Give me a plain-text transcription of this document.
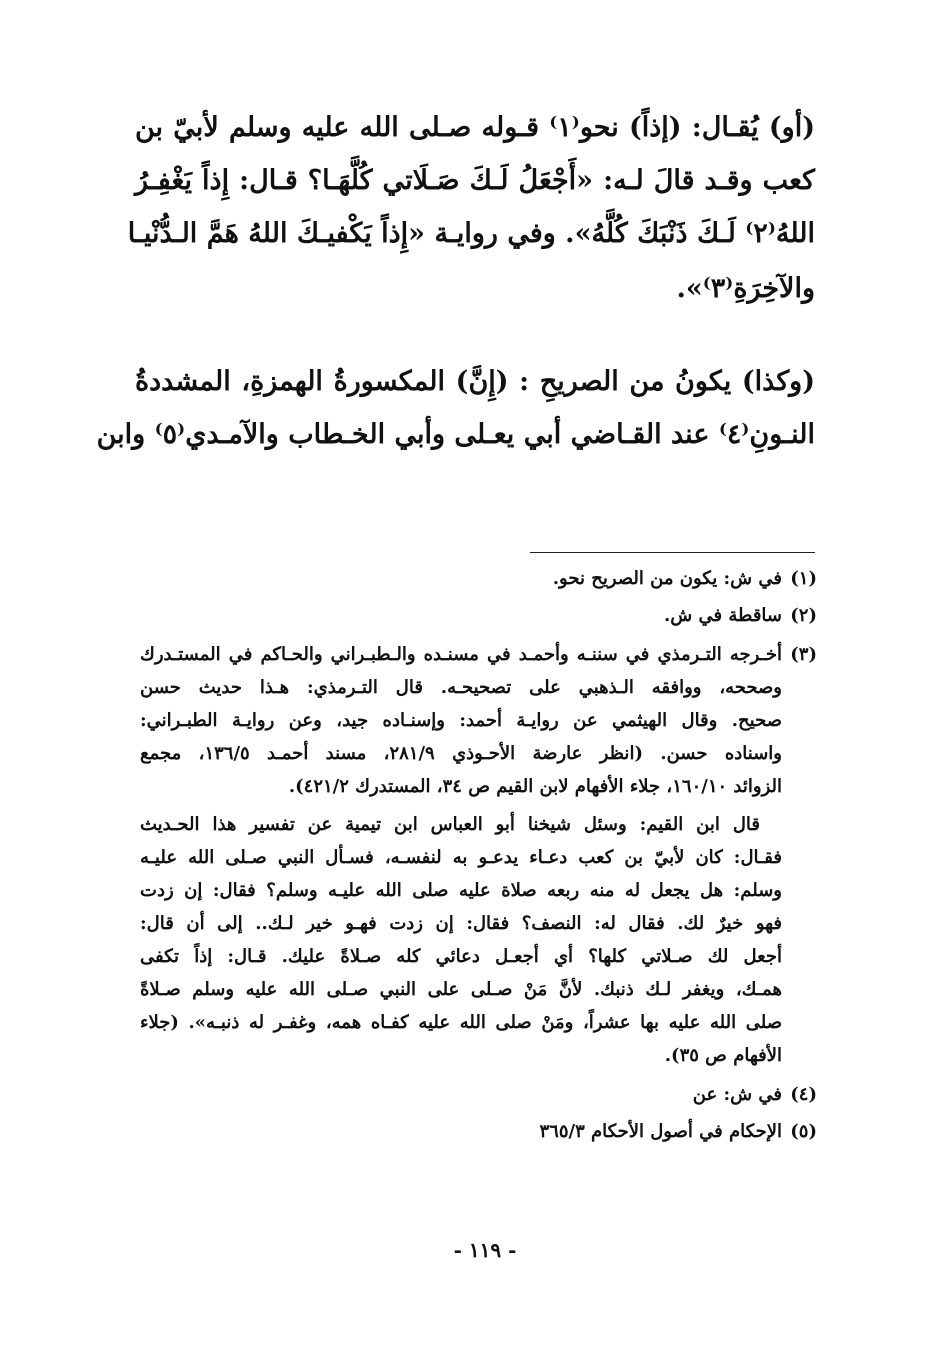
(أو) يُقـال: (إذاً) نحو⁽١⁾ قـوله صـلى الله عليه وسلم لأبيّ بن
كعب وقـد قالَ لـه: «أَجْعَلُ لَـكَ صَـلَاتي كُلَّهَـا؟ قـال: إِذاً يَغْفِـرُ
اللهُ⁽٢⁾ لَـكَ ذَنْبَكَ كُلَّهُ». وفي روايـة «إِذاً يَكْفيـكَ اللهُ هَمَّ الـدُّنْيـا
والآخِرَةِ⁽٣⁾».
(وكذا) يكونُ من الصريحِ : (إِنَّ) المكسورةُ الهمزةِ، المشددةُ
النـونِ⁽٤⁾ عند القـاضي أبي يعـلى وأبي الخـطاب والآمـدي⁽٥⁾ وابن
(١)
في ش: يكون من الصريح نحو.
(٢)
ساقطة في ش.
(٣)
أخـرجه التـرمذي في سننـه وأحمـد في مسنـده والـطبـراني والحـاكم في المستـدرك
وصححه، ووافقه الـذهبي على تصحيحـه. قال التـرمذي: هـذا حديث حسن
صحيح. وقال الهيثمي عن روايـة أحمد: وإسنـاده جيد، وعن روايـة الطبـراني:
واسناده حسن. (انظر عارضة الأحـوذي ٢٨١/٩، مسند أحمـد ١٣٦/٥، مجمع
الزوائد ١٦٠/١٠، جلاء الأفهام لابن القيم ص ٣٤، المستدرك ٤٢١/٢).
قال ابن القيم: وسئل شيخنا أبو العباس ابن تيمية عن تفسير هذا الحـديث
فقـال: كان لأبيّ بن كعب دعـاء يدعـو به لنفسـه، فسـأل النبي صـلى الله عليـه
وسلم: هل يجعل له منه ربعه صلاة عليه صلى الله عليـه وسلم؟ فقال: إن زدت
فهو خيرٌ لك. فقال له: النصف؟ فقال: إن زدت فهـو خير لـك.. إلى أن قال:
أجعل لك صـلاتي كلها؟ أي أجعـل دعائي كله صـلاةً عليك. قـال: إذاً تكفى
همـك، ويغفر لـك ذنبك. لأنَّ مَنْ صـلى على النبي صـلى الله عليه وسلم صـلاةً
صلى الله عليه بها عشراً، ومَنْ صلى الله عليه كفـاه همه، وغفـر له ذنبـه». (جلاء
الأفهام ص ٣٥).
(٤)
في ش: عن
(٥)
الإحكام في أصول الأحكام ٣٦٥/٣
- ١١٩ -
